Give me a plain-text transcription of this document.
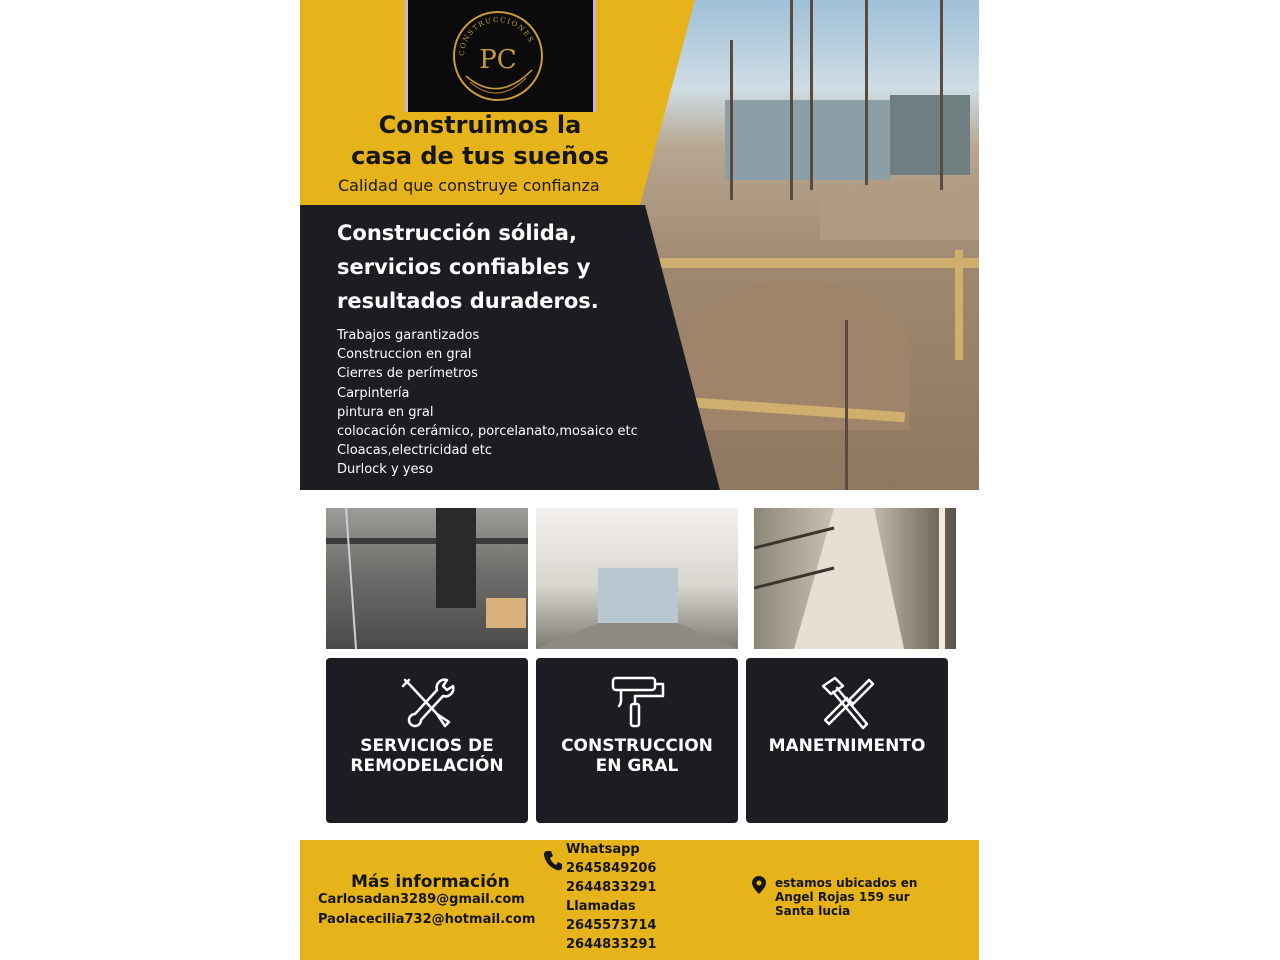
CONSTRUCCIONES
PC
Construimos la
casa de tus sueños

Calidad que construye confianza

Construcción sólida,
servicios confiables y
resultados duraderos.
Trabajos garantizados
Construccion en gral
Cierres de perímetros
Carpintería
pintura en gral
colocación cerámico, porcelanato,mosaico etc
Cloacas,electricidad etc
Durlock y yeso

SERVICIOS DE
REMODELACIÓN

CONSTRUCCION
EN GRAL

MANETNIMENTO

Más información

Carlosadan3289@gmail.com

Paolacecilia732@hotmail.com

Whatsapp
2645849206
2644833291
Llamadas
2645573714
2644833291

estamos ubicados en
Angel Rojas 159 sur
Santa lucia
